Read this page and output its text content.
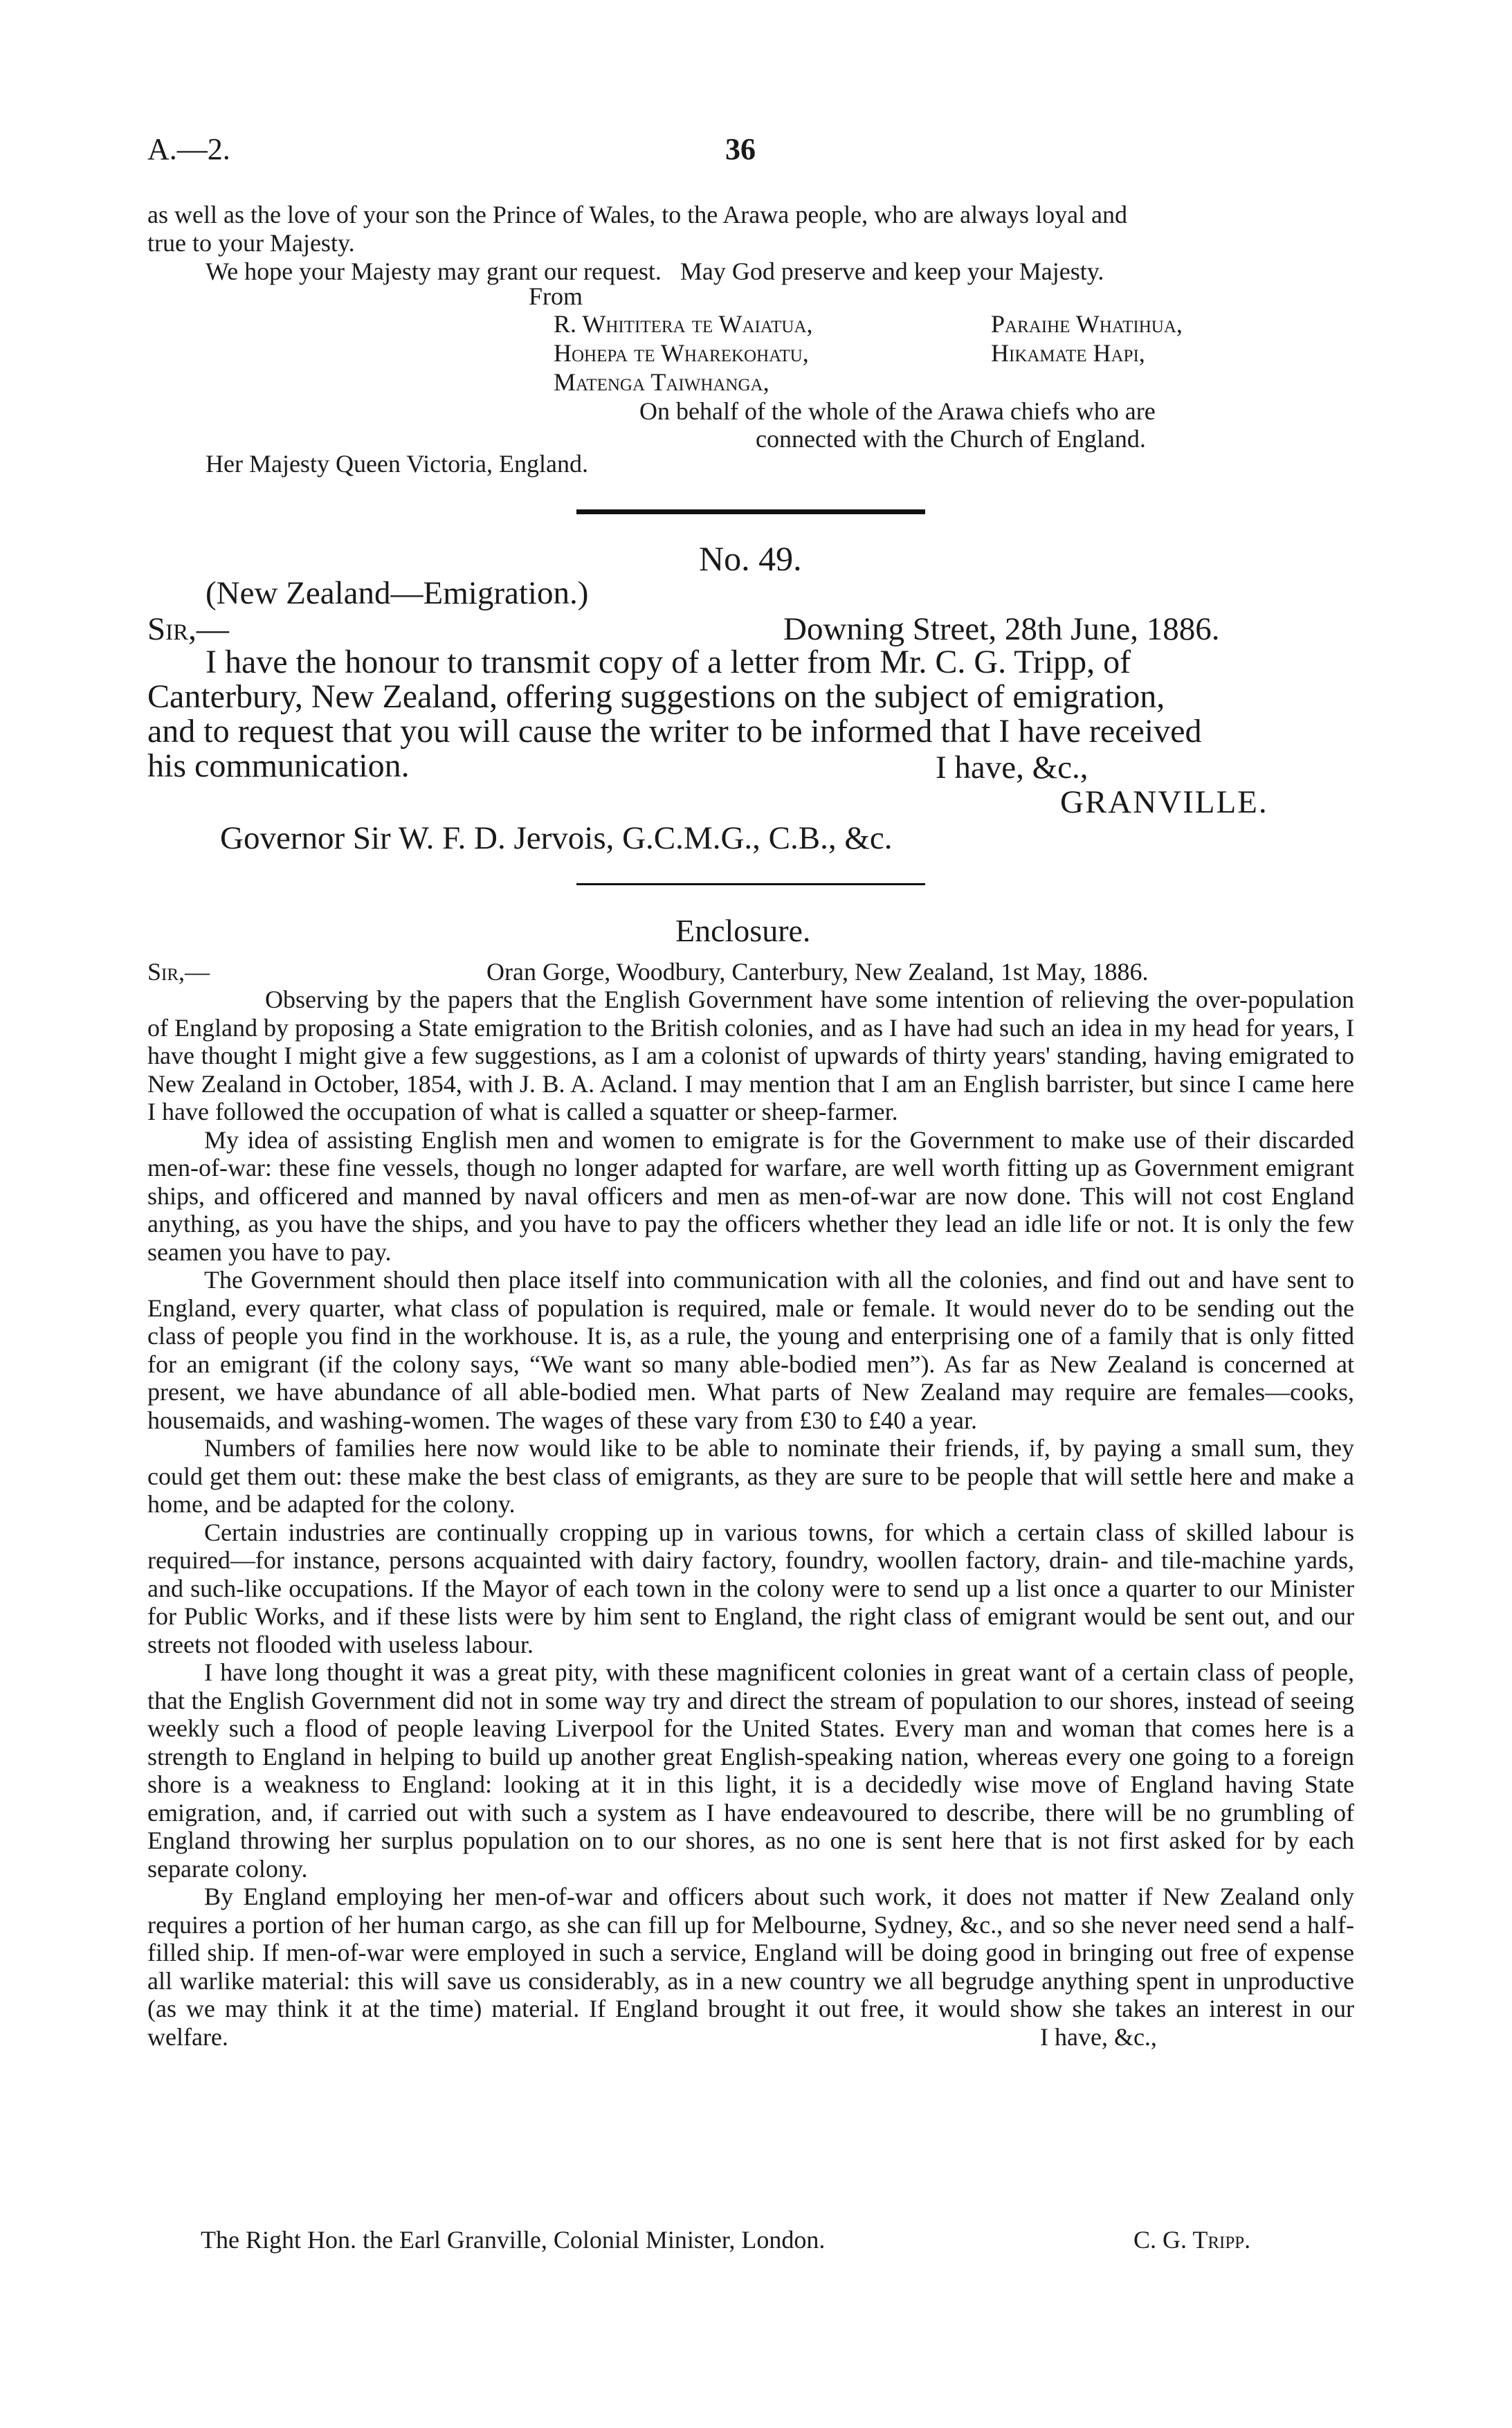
A.—2.	36
as well as the love of your son the Prince of Wales, to the Arawa people, who are always loyal and
true to your Majesty.
We hope your Majesty may grant our request.   May God preserve and keep your Majesty.
From
R. Whititera te Waiatua,	Paraihe Whatihua,
Hohepa te Wharekohatu,	Hikamate Hapi,
Matenga Taiwhanga,
On behalf of the whole of the Arawa chiefs who are
connected with the Church of England.
Her Majesty Queen Victoria, England.
No. 49.
(New Zealand—Emigration.)
Sir,—	Downing Street, 28th June, 1886.
I have the honour to transmit copy of a letter from Mr. C. G. Tripp, of
Canterbury, New Zealand, offering suggestions on the subject of emigration,
and to request that you will cause the writer to be informed that I have received
his communication.	I have, &c.,
GRANVILLE.
Governor Sir W. F. D. Jervois, G.C.M.G., C.B., &c.
Enclosure.
Sir,—	Oran Gorge, Woodbury, Canterbury, New Zealand, 1st May, 1886.

Observing by the papers that the English Government have some intention of relieving the over-population of England by proposing a State emigration to the British colonies, and as I have had such an idea in my head for years, I have thought I might give a few suggestions, as I am a colonist of upwards of thirty years' standing, having emigrated to New Zealand in October, 1854, with J. B. A. Acland. I may mention that I am an English barrister, but since I came here I have followed the occupation of what is called a squatter or sheep-farmer.

My idea of assisting English men and women to emigrate is for the Government to make use of their discarded men-of-war: these fine vessels, though no longer adapted for warfare, are well worth fitting up as Government emigrant ships, and officered and manned by naval officers and men as men-of-war are now done. This will not cost England anything, as you have the ships, and you have to pay the officers whether they lead an idle life or not. It is only the few seamen you have to pay.

The Government should then place itself into communication with all the colonies, and find out and have sent to England, every quarter, what class of population is required, male or female. It would never do to be sending out the class of people you find in the workhouse. It is, as a rule, the young and enterprising one of a family that is only fitted for an emigrant (if the colony says, “We want so many able-bodied men”). As far as New Zealand is concerned at present, we have abundance of all able-bodied men. What parts of New Zealand may require are females—cooks, housemaids, and washing-women. The wages of these vary from £30 to £40 a year.

Numbers of families here now would like to be able to nominate their friends, if, by paying a small sum, they could get them out: these make the best class of emigrants, as they are sure to be people that will settle here and make a home, and be adapted for the colony.

Certain industries are continually cropping up in various towns, for which a certain class of skilled labour is required—for instance, persons acquainted with dairy factory, foundry, woollen factory, drain- and tile-machine yards, and such-like occupations. If the Mayor of each town in the colony were to send up a list once a quarter to our Minister for Public Works, and if these lists were by him sent to England, the right class of emigrant would be sent out, and our streets not flooded with useless labour.

I have long thought it was a great pity, with these magnificent colonies in great want of a certain class of people, that the English Government did not in some way try and direct the stream of population to our shores, instead of seeing weekly such a flood of people leaving Liverpool for the United States. Every man and woman that comes here is a strength to England in helping to build up another great English-speaking nation, whereas every one going to a foreign shore is a weakness to England: looking at it in this light, it is a decidedly wise move of England having State emigration, and, if carried out with such a system as I have endeavoured to describe, there will be no grumbling of England throwing her surplus population on to our shores, as no one is sent here that is not first asked for by each separate colony.

By England employing her men-of-war and officers about such work, it does not matter if New Zealand only requires a portion of her human cargo, as she can fill up for Melbourne, Sydney, &c., and so she never need send a half-filled ship. If men-of-war were employed in such a service, England will be doing good in bringing out free of expense all warlike material: this will save us considerably, as in a new country we all begrudge anything spent in unproductive (as we may think it at the time) material. If England brought it out free, it would show she takes an interest in our welfare.	I have, &c.,
The Right Hon. the Earl Granville, Colonial Minister, London.	C. G. Tripp.
